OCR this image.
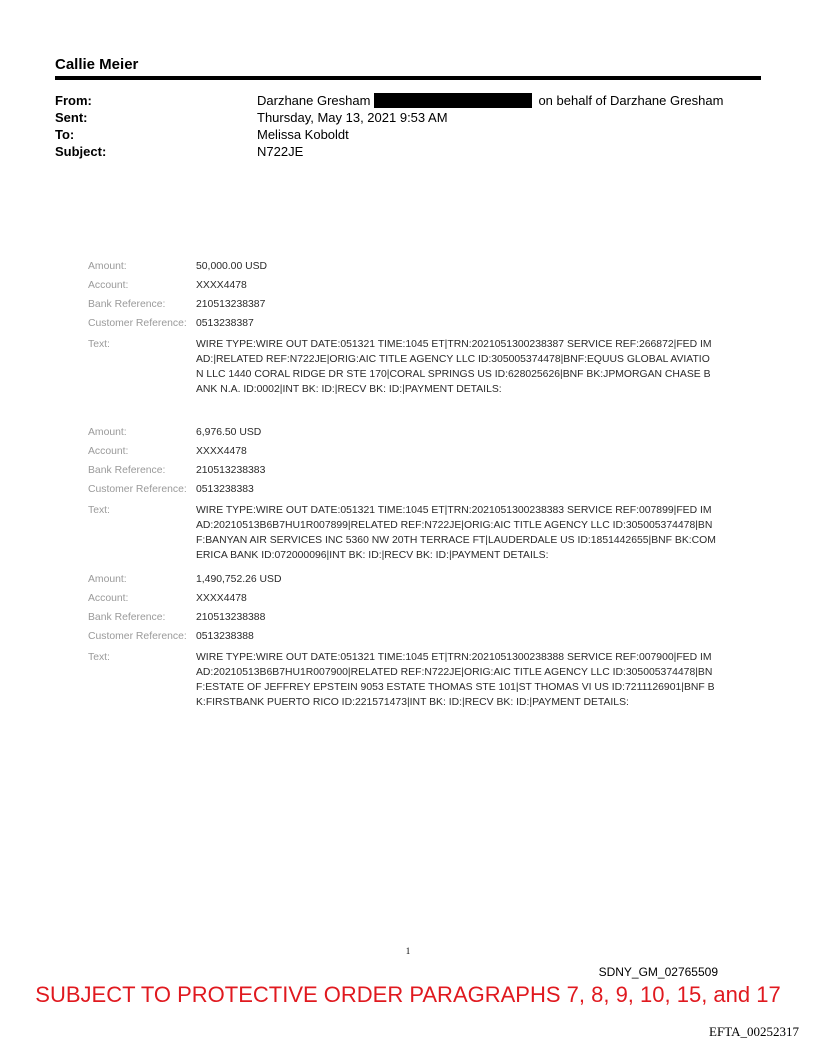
Callie Meier
From:	Darzhane Gresham	on behalf of Darzhane Gresham
Sent:	Thursday, May 13, 2021 9:53 AM
To:	Melissa Koboldt
Subject:	N722JE
Amount:	50,000.00 USD
Account:	XXXX4478
Bank Reference:	210513238387
Customer Reference: 0513238387
Text:	WIRE TYPE:WIRE OUT DATE:051321 TIME:1045 ET|TRN:2021051300238387 SERVICE REF:266872|FED IMAD:|RELATED REF:N722JE|ORIG:AIC TITLE AGENCY LLC ID:305005374478|BNF:EQUUS GLOBAL AVIATION LLC 1440 CORAL RIDGE DR STE 170|CORAL SPRINGS US ID:628025626|BNF BK:JPMORGAN CHASE BANK N.A. ID:0002|INT BK: ID:|RECV BK: ID:|PAYMENT DETAILS:
Amount:	6,976.50 USD
Account:	XXXX4478
Bank Reference:	210513238383
Customer Reference: 0513238383
Text:	WIRE TYPE:WIRE OUT DATE:051321 TIME:1045 ET|TRN:2021051300238383 SERVICE REF:007899|FED IMAD:20210513B6B7HU1R007899|RELATED REF:N722JE|ORIG:AIC TITLE AGENCY LLC ID:305005374478|BNF:BANYAN AIR SERVICES INC 5360 NW 20TH TERRACE FT|LAUDERDALE US ID:1851442655|BNF BK:COMERICA BANK ID:072000096|INT BK: ID:|RECV BK: ID:|PAYMENT DETAILS:
Amount:	1,490,752.26 USD
Account:	XXXX4478
Bank Reference:	210513238388
Customer Reference: 0513238388
Text:	WIRE TYPE:WIRE OUT DATE:051321 TIME:1045 ET|TRN:2021051300238388 SERVICE REF:007900|FED IMAD:20210513B6B7HU1R007900|RELATED REF:N722JE|ORIG:AIC TITLE AGENCY LLC ID:305005374478|BNF:ESTATE OF JEFFREY EPSTEIN 9053 ESTATE THOMAS STE 101|ST THOMAS VI US ID:7211126901|BNF BK:FIRSTBANK PUERTO RICO ID:221571473|INT BK: ID:|RECV BK: ID:|PAYMENT DETAILS:
1
SDNY_GM_02765509
SUBJECT TO PROTECTIVE ORDER PARAGRAPHS 7, 8, 9, 10, 15, and 17
EFTA_00252317
